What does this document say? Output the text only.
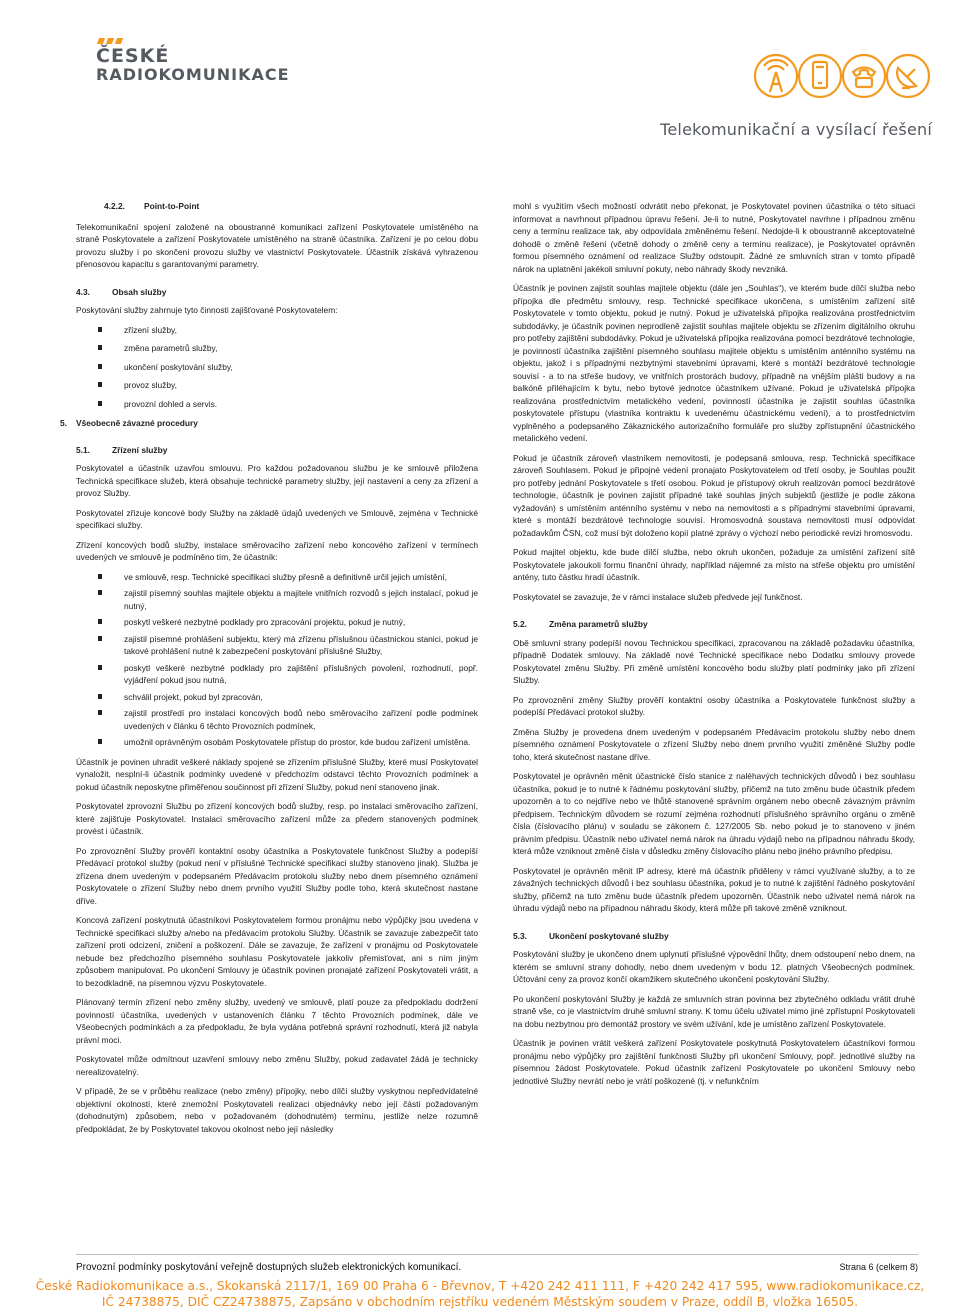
ČESKÉ
RADIOKOMUNIKACE
Telekomunikační a vysílací řešení
4.2.2.	Point-to-Point

Telekomunikační spojení založené na oboustranné komunikaci zařízení Poskytovatele umístěného na straně Poskytovatele a zařízení Poskytovatele umístěného na straně účastníka. Zařízení je po celou dobu provozu služby i po skončení provozu služby ve vlastnictví Poskytovatele. Účastník získává vyhrazenou přenosovou kapacitu s garantovanými parametry.

4.3.	Obsah služby

Poskytování služby zahrnuje tyto činnosti zajišťované Poskytovatelem:

zřízení služby,
změna parametrů služby,
ukončení poskytování služby,
provoz služby,
provozní dohled a servis.
5.	Všeobecně závazné procedury
5.1.	Zřízení služby

Poskytovatel a účastník uzavřou smlouvu. Pro každou požadovanou službu je ke smlouvě přiložena Technická specifikace služeb, která obsahuje technické parametry služby, její nastavení a ceny za zřízení a provoz Služby.

Poskytovatel zřizuje koncové body Služby na základě údajů uvedených ve Smlouvě, zejména v Technické specifikaci služby.

Zřízení koncových bodů služby, instalace směrovacího zařízení nebo koncového zařízení v termínech uvedených ve smlouvě je podmíněno tím, že účastník:

ve smlouvě, resp. Technické specifikaci služby přesně a definitivně určil jejich umístění,
zajistil písemný souhlas majitele objektu a majitele vnitřních rozvodů s jejich instalací, pokud je nutný,
poskytl veškeré nezbytné podklady pro zpracování projektu, pokud je nutný,
zajistil písemné prohlášení subjektu, který má zřízenu příslušnou účastnickou stanici, pokud je takové prohlášení nutné k zabezpečení poskytování příslušné Služby,
poskytl veškeré nezbytné podklady pro zajištění příslušných povolení, rozhodnutí, popř. vyjádření pokud jsou nutná,
schválil projekt, pokud byl zpracován,
zajistil prostředí pro instalaci koncových bodů nebo směrovacího zařízení podle podmínek uvedených v článku 6 těchto Provozních podmínek,
umožnil oprávněným osobám Poskytovatele přístup do prostor, kde budou zařízení umístěna.

Účastník je povinen uhradit veškeré náklady spojené se zřízením příslušné Služby, které musí Poskytovatel vynaložit, nesplní-li účastník podmínky uvedené v předchozím odstavci těchto Provozních podmínek a pokud účastník neposkytne přiměřenou součinnost při zřízení Služby, pokud není stanoveno jinak.

Poskytovatel zprovozní Službu po zřízení koncových bodů služby, resp. po instalaci směrovacího zařízení, které zajišťuje Poskytovatel. Instalaci směrovacího zařízení může za předem stanovených podmínek provést i účastník.

Po zprovoznění Služby prověří kontaktní osoby účastníka a Poskytovatele funkčnost Služby a podepíší Předávací protokol služby (pokud není v příslušné Technické specifikaci služby stanoveno jinak). Služba je zřízena dnem uvedeným v podepsaném Předávacím protokolu služby nebo dnem písemného oznámení Poskytovatele o zřízení Služby nebo dnem prvního využití Služby podle toho, která skutečnost nastane dříve.

Koncová zařízení poskytnutá účastníkovi Poskytovatelem formou pronájmu nebo výpůjčky jsou uvedena v Technické specifikaci služby a/nebo na předávacím protokolu Služby. Účastník se zavazuje zabezpečit tato zařízení proti odcizení, zničení a poškození. Dále se zavazuje, že zařízení v pronájmu od Poskytovatele nebude bez předchozího písemného souhlasu Poskytovatele jakkoliv přemisťovat, ani s ním jiným způsobem manipulovat. Po ukončení Smlouvy je účastník povinen pronajaté zařízení Poskytovateli vrátit, a to bezodkladně, na písemnou výzvu Poskytovatele.

Plánovaný termín zřízení nebo změny služby, uvedený ve smlouvě, platí pouze za předpokladu dodržení povinností účastníka, uvedených v ustanoveních článku 7 těchto Provozních podmínek, dále ve Všeobecných podmínkách a za předpokladu, že byla vydána potřebná správní rozhodnutí, která již nabyla právní moci.

Poskytovatel může odmítnout uzavření smlouvy nebo změnu Služby, pokud zadavatel žádá je technicky nerealizovatelný.

V případě, že se v průběhu realizace (nebo změny) přípojky, nebo dílčí služby vyskytnou nepředvídatelné objektivní okolnosti, které znemožní Poskytovateli realizaci objednávky nebo její části požadovaným (dohodnutým) způsobem, nebo v požadovaném (dohodnutém) termínu, jestliže nelze rozumně předpokládat, že by Poskytovatel takovou okolnost nebo její následky

mohl s využitím všech možností odvrátit nebo překonat, je Poskytovatel povinen účastníka o této situaci informovat a navrhnout případnou úpravu řešení. Je-li to nutné, Poskytovatel navrhne i případnou změnu ceny a termínu realizace tak, aby odpovídala změněnému řešení. Nedojde-li k oboustranně akceptovatelné dohodě o změně řešení (včetně dohody o změně ceny a termínu realizace), je Poskytovatel oprávněn formou písemného oznámení od realizace Služby odstoupit. Žádné ze smluvních stran v tomto případě nárok na uplatnění jakékoli smluvní pokuty, nebo náhrady škody nevzniká.

Účastník je povinen zajistit souhlas majitele objektu (dále jen „Souhlas“), ve kterém bude dílčí služba nebo přípojka dle předmětu smlouvy, resp. Technické specifikace ukončena, s umístěním zařízení sítě Poskytovatele v tomto objektu, pokud je nutný. Pokud je uživatelská přípojka realizována prostřednictvím subdodávky, je účastník povinen neprodleně zajistit souhlas majitele objektu se zřízením digitálního okruhu pro potřeby zajištění subdodávky. Pokud je uživatelská přípojka realizována pomocí bezdrátové technologie, je povinností účastníka zajištění písemného souhlasu majitele objektu s umístěním anténního systému na objektu, jakož i s případnými nezbytnými stavebními úpravami, které s montáží bezdrátové technologie souvisí - a to na střeše budovy, ve vnitřních prostorách budovy, případně na vnějším plášti budovy a na balkóně přiléhajícím k bytu, nebo bytové jednotce účastníkem užívané. Pokud je uživatelská přípojka realizována prostřednictvím metalického vedení, povinností účastníka je zajistit souhlas účastníka poskytovatele přístupu (vlastníka kontraktu k uvedenému účastnickému vedení), a to prostřednictvím vyplněného a podepsaného Zákaznického autorizačního formuláře pro služby zpřístupnění účastnického metalického vedení.

Pokud je účastník zároveň vlastníkem nemovitosti, je podepsaná smlouva, resp. Technická specifikace zároveň Souhlasem. Pokud je připojné vedení pronajato Poskytovatelem od třetí osoby, je Souhlas použit pro potřeby jednání Poskytovatele s třetí osobou. Pokud je přístupový okruh realizován pomocí bezdrátové technologie, účastník je povinen zajistit případné také souhlas jiných subjektů (jestliže je podle zákona vyžadován) s umístěním anténního systému v nebo na nemovitosti a s případnými stavebními úpravami, které s montáží bezdrátové technologie souvisí. Hromosvodná soustava nemovitosti musí odpovídat požadavkům ČSN, což musí být doloženo kopií platné zprávy o výchozí nebo periodické revizi hromosvodu.

Pokud majitel objektu, kde bude dílčí služba, nebo okruh ukončen, požaduje za umístění zařízení sítě Poskytovatele jakoukoli formu finanční úhrady, například nájemné za místo na střeše objektu pro umístění antény, tuto částku hradí účastník.

Poskytovatel se zavazuje, že v rámci instalace služeb předvede její funkčnost.

5.2.	Změna parametrů služby

Obě smluvní strany podepíší novou Technickou specifikaci, zpracovanou na základě požadavku účastníka, případně Dodatek smlouvy. Na základě nové Technické specifikace nebo Dodatku smlouvy provede Poskytovatel změnu Služby. Při změně umístění koncového bodu služby platí podmínky jako při zřízení Služby.

Po zprovoznění změny Služby prověří kontaktní osoby účastníka a Poskytovatele funkčnost služby a podepíší Předávací protokol služby.

Změna Služby je provedena dnem uvedeným v podepsaném Předávacím protokolu služby nebo dnem písemného oznámení Poskytovatele o zřízení Služby nebo dnem prvního využití změněné Služby podle toho, která skutečnost nastane dříve.

Poskytovatel je oprávněn měnit účastnické číslo stanice z naléhavých technických důvodů i bez souhlasu účastníka, pokud je to nutné k řádnému poskytování služby, přičemž na tuto změnu bude účastník předem upozorněn a to co nejdříve nebo ve lhůtě stanovené správním orgánem nebo obecně závazným právním předpisem. Technickým důvodem se rozumí zejména rozhodnutí příslušného správního orgánu o změně čísla (číslovacího plánu) v souladu se zákonem č. 127/2005 Sb. nebo pokud je to stanoveno v jiném právním předpisu. Účastník nebo uživatel nemá nárok na úhradu výdajů nebo na případnou náhradu škody, která může vzniknout změně čísla v důsledku změny číslovacího plánu nebo jiného právního předpisu.

Poskytovatel je oprávněn měnit IP adresy, které má účastník přiděleny v rámci využívané služby, a to ze závažných technických důvodů i bez souhlasu účastníka, pokud je to nutné k zajištění řádného poskytování služby, přičemž na tuto změnu bude účastník předem upozorněn. Účastník nebo uživatel nemá nárok na úhradu výdajů nebo na případnou náhradu škody, která může při takové změně vzniknout.

5.3.	Ukončení poskytované služby

Poskytování služby je ukončeno dnem uplynutí příslušné výpovědní lhůty, dnem odstoupení nebo dnem, na kterém se smluvní strany dohodly, nebo dnem uvedeným v bodu 12. platných Všeobecných podmínek. Účtování ceny za provoz končí okamžikem skutečného ukončení poskytování Služby.

Po ukončení poskytování Služby je každá ze smluvních stran povinna bez zbytečného odkladu vrátit druhé straně vše, co je vlastnictvím druhé smluvní strany. K tomu účelu uživatel mimo jiné zpřístupní Poskytovateli na dobu nezbytnou pro demontáž prostory ve svém užívání, kde je umístěno zařízení Poskytovatele.

Účastník je povinen vrátit veškerá zařízení Poskytovatele poskytnutá Poskytovatelem účastníkovi formou pronájmu nebo výpůjčky pro zajištění funkčnosti Služby při ukončení Smlouvy, popř. jednotlivé služby na písemnou žádost Poskytovatele. Pokud účastník zařízení Poskytovatele po ukončení Smlouvy nebo jednotlivé Služby nevrátí nebo je vrátí poškozené (tj. v nefunkčním

Provozní podmínky poskytování veřejně dostupných služeb elektronických komunikací.	Strana 6 (celkem 8)
České Radiokomunikace a.s., Skokanská 2117/1, 169 00 Praha 6 - Břevnov, T +420 242 411 111, F +420 242 417 595, www.radiokomunikace.cz,
IČ 24738875, DIČ CZ24738875, Zapsáno v obchodním rejstříku vedeném Městským soudem v Praze, oddíl B, vložka 16505.
